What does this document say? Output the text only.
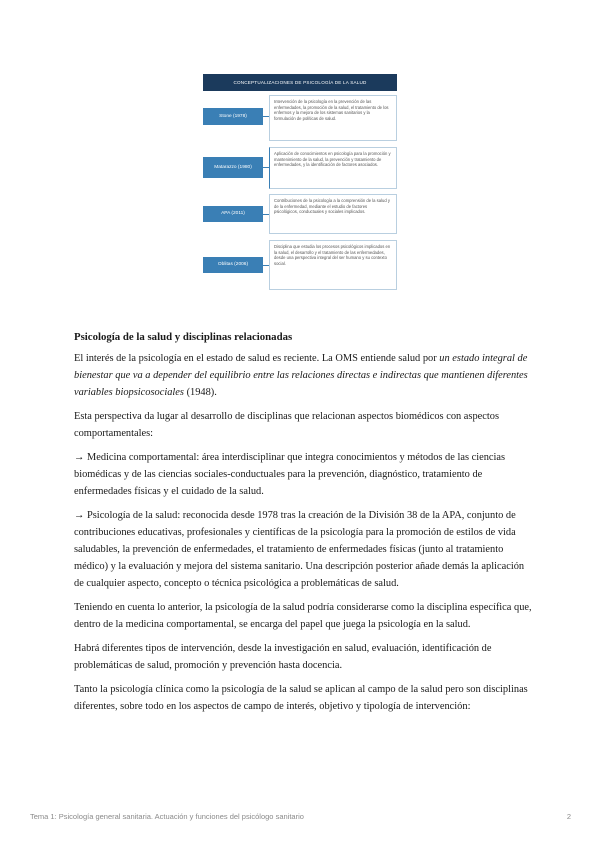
CONCEPTUALIZACIONES DE PSICOLOGÍA DE LA SALUD
Stone (1978)
Intervención de la psicología en la prevención de las enfermedades, la promoción de la salud, el tratamiento de los enfermos y la mejora de los sistemas sanitarios y la formulación de políticas de salud.
Matarazzo (1980)
Aplicación de conocimientos en psicología para la promoción y mantenimiento de la salud, la prevención y tratamiento de enfermedades, y la identificación de factores asociados.
APA (2011)
Contribuciones de la psicología a la comprensión de la salud y de la enfermedad, mediante el estudio de factores psicológicos, conductuales y sociales implicados.
Oblitas (2006)
Disciplina que estudia los procesos psicológicos implicados en la salud, el desarrollo y el tratamiento de las enfermedades, desde una perspectiva integral del ser humano y su contexto social.
Psicología de la salud y disciplinas relacionadas

El interés de la psicología en el estado de salud es reciente. La OMS entiende salud por un estado integral de bienestar que va a depender del equilibrio entre las relaciones directas e indirectas que mantienen diferentes variables biopsicosociales (1948).

Esta perspectiva da lugar al desarrollo de disciplinas que relacionan aspectos biomédicos con aspectos comportamentales:

→ Medicina comportamental: área interdisciplinar que integra conocimientos y métodos de las ciencias biomédicas y de las ciencias sociales-conductuales para la prevención, diagnóstico, tratamiento de enfermedades físicas y el cuidado de la salud.

→ Psicología de la salud: reconocida desde 1978 tras la creación de la División 38 de la APA, conjunto de contribuciones educativas, profesionales y científicas de la psicología para la promoción de estilos de vida saludables, la prevención de enfermedades, el tratamiento de enfermedades físicas (junto al tratamiento médico) y la evaluación y mejora del sistema sanitario. Una descripción posterior añade demás la aplicación de cualquier aspecto, concepto o técnica psicológica a problemáticas de salud.

Teniendo en cuenta lo anterior, la psicología de la salud podría considerarse como la disciplina específica que, dentro de la medicina comportamental, se encarga del papel que juega la psicología en la salud.

Habrá diferentes tipos de intervención, desde la investigación en salud, evaluación, identificación de problemáticas de salud, promoción y prevención hasta docencia.

Tanto la psicología clínica como la psicología de la salud se aplican al campo de la salud pero son disciplinas diferentes, sobre todo en los aspectos de campo de interés, objetivo y tipología de intervención:

Tema 1: Psicología general sanitaria. Actuación y funciones del psicólogo sanitario	2
